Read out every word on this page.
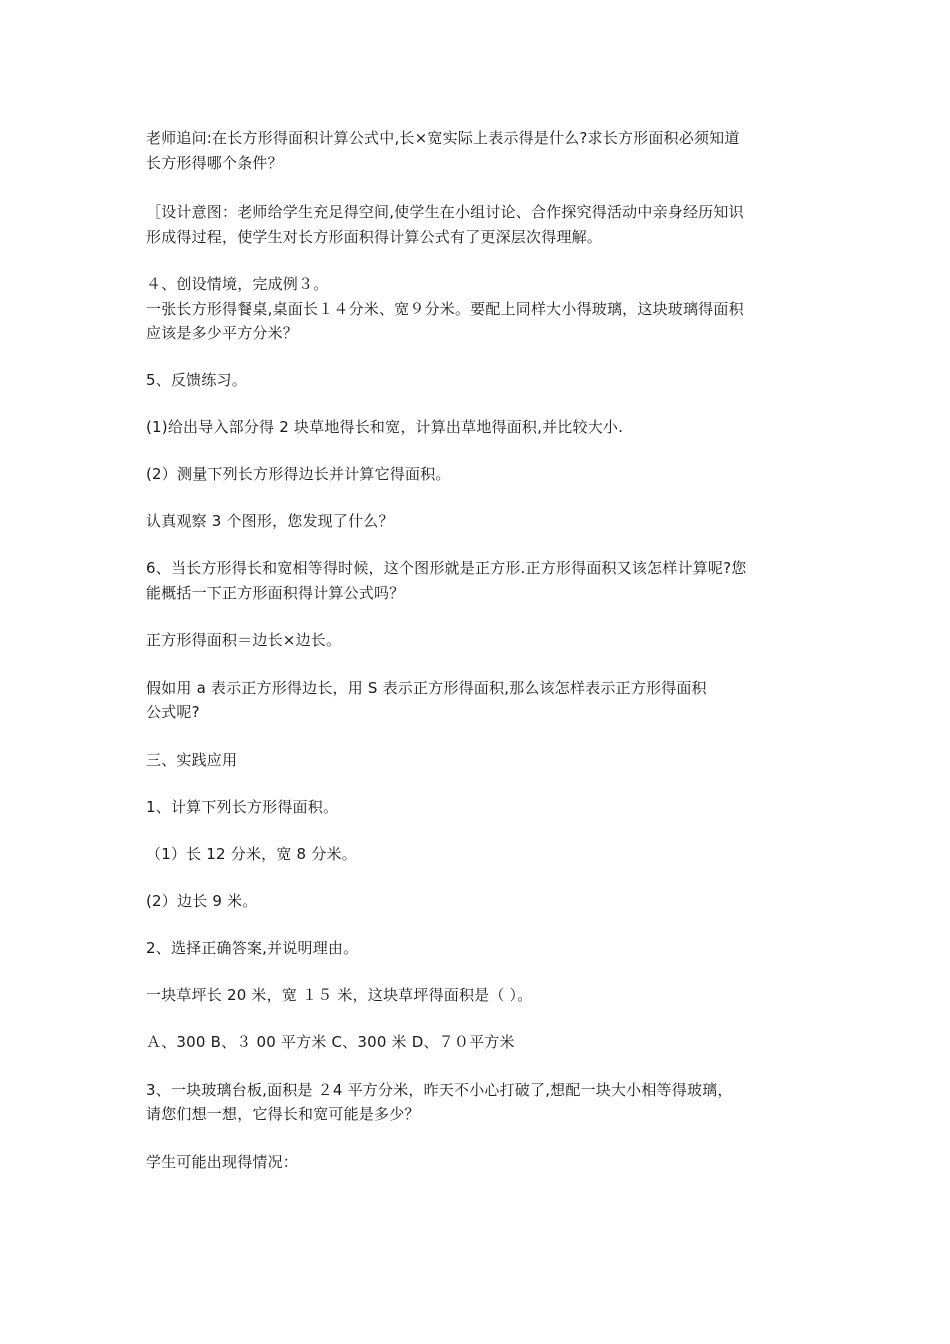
老师追问:在长方形得面积计算公式中,长×宽实际上表示得是什么?求长方形面积必须知道
长方形得哪个条件？
［设计意图：老师给学生充足得空间,使学生在小组讨论、合作探究得活动中亲身经历知识
形成得过程，使学生对长方形面积得计算公式有了更深层次得理解。
４、创设情境，完成例３。
一张长方形得餐桌,桌面长１４分米、宽９分米。要配上同样大小得玻璃，这块玻璃得面积
应该是多少平方分米？
5、反馈练习。
(1)给出导入部分得 2 块草地得长和宽，计算出草地得面积,并比较大小.
(2）测量下列长方形得边长并计算它得面积。
认真观察 3 个图形，您发现了什么？
6、当长方形得长和宽相等得时候，这个图形就是正方形.正方形得面积又该怎样计算呢?您
能概括一下正方形面积得计算公式吗？
正方形得面积＝边长×边长。
假如用 a 表示正方形得边长，用 S 表示正方形得面积,那么该怎样表示正方形得面积
公式呢?
三、实践应用
1、计算下列长方形得面积。
（1）长 12 分米，宽 8 分米。
(2）边长 9 米。
2、选择正确答案,并说明理由。
一块草坪长 20 米，宽 １５ 米，这块草坪得面积是（ ）。
Ａ、300 B、３ 00 平方米 C、300 米 D、７０平方米
3、一块玻璃台板,面积是 ２4 平方分米，昨天不小心打破了,想配一块大小相等得玻璃，
请您们想一想，它得长和宽可能是多少？
学生可能出现得情况：
